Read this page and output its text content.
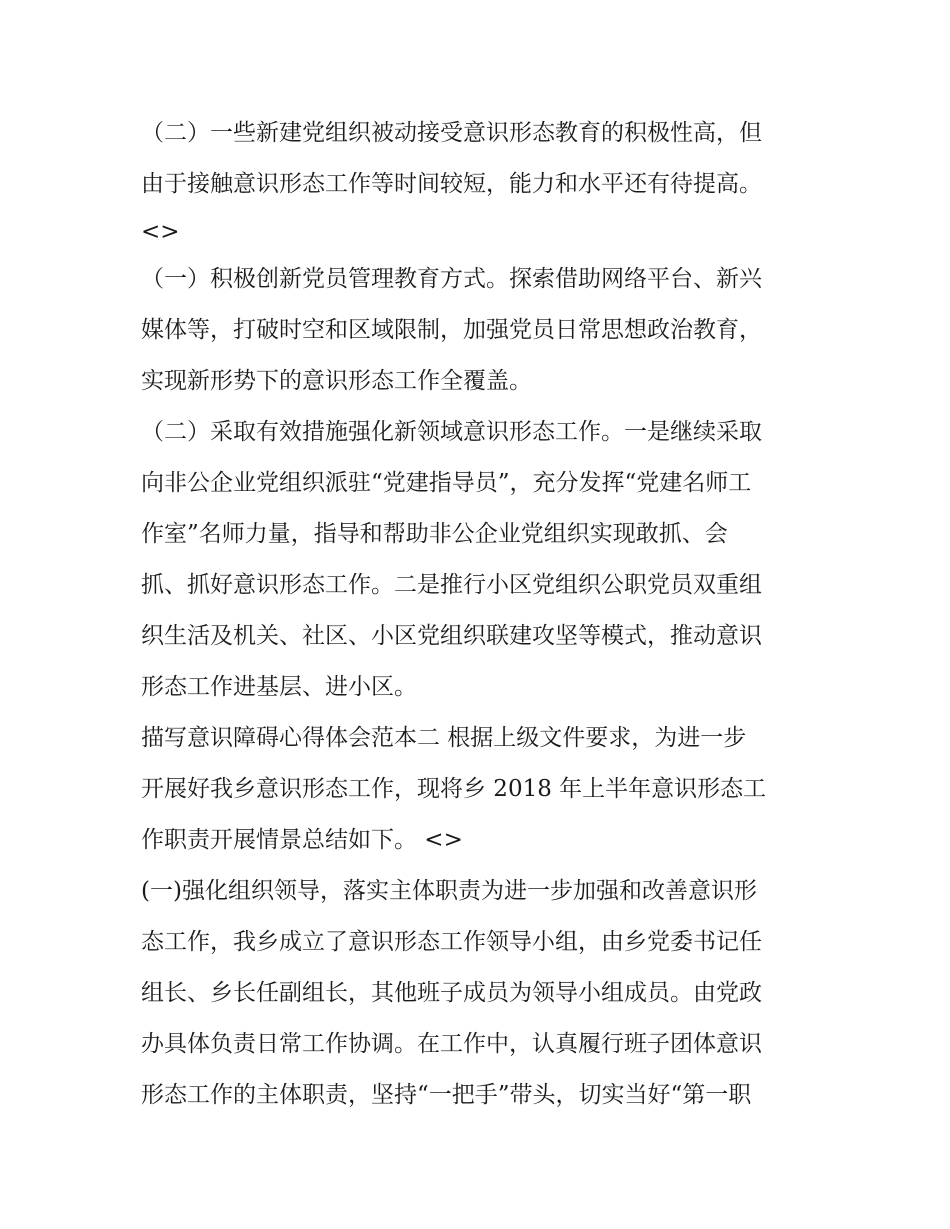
（二）一些新建党组织被动接受意识形态教育的积极性高，但
由于接触意识形态工作等时间较短，能力和水平还有待提高。
<>
（一）积极创新党员管理教育方式。探索借助网络平台、新兴
媒体等，打破时空和区域限制，加强党员日常思想政治教育，
实现新形势下的意识形态工作全覆盖。
（二）采取有效措施强化新领域意识形态工作。一是继续采取
向非公企业党组织派驻“党建指导员”，充分发挥“党建名师工
作室”名师力量，指导和帮助非公企业党组织实现敢抓、会
抓、抓好意识形态工作。二是推行小区党组织公职党员双重组
织生活及机关、社区、小区党组织联建攻坚等模式，推动意识
形态工作进基层、进小区。
描写意识障碍心得体会范本二 根据上级文件要求，为进一步
开展好我乡意识形态工作，现将乡 2018 年上半年意识形态工
作职责开展情景总结如下。 <>
(一)强化组织领导，落实主体职责为进一步加强和改善意识形
态工作，我乡成立了意识形态工作领导小组，由乡党委书记任
组长、乡长任副组长，其他班子成员为领导小组成员。由党政
办具体负责日常工作协调。在工作中，认真履行班子团体意识
形态工作的主体职责，坚持“一把手”带头，切实当好“第一职
